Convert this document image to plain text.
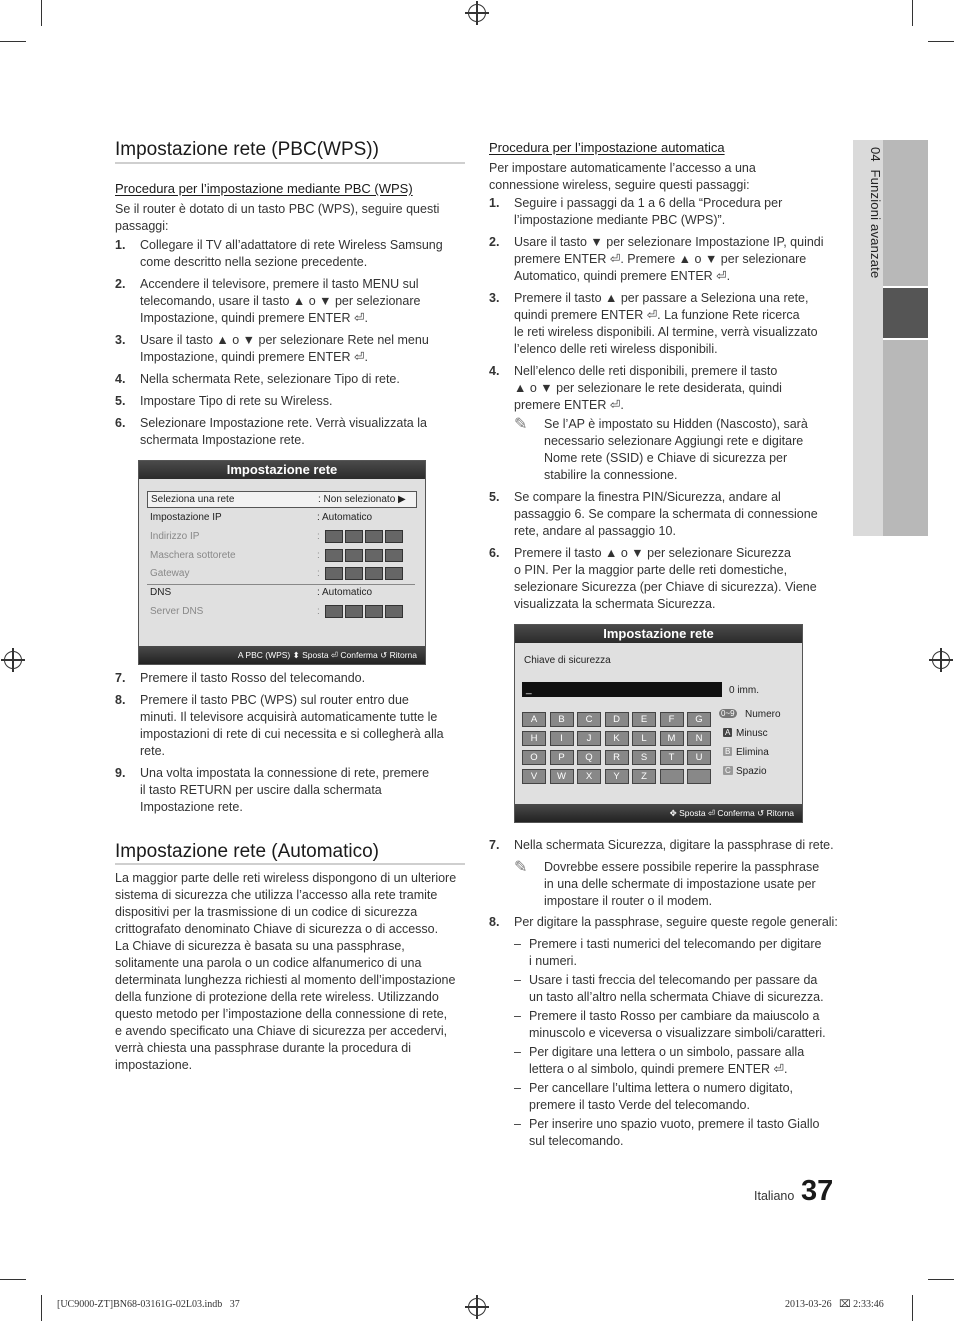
04  Funzioni avanzate
Impostazione rete (PBC(WPS))
Procedura per l’impostazione mediante PBC (WPS)
Se il router è dotato di un tasto PBC (WPS), seguire questi passaggi:
1.	Collegare il TV all’adattatore di rete Wireless Samsung
come descritto nella sezione precedente.
2.	Accendere il televisore, premere il tasto MENU sul
telecomando, usare il tasto ▲ o ▼ per selezionare
Impostazione, quindi premere ENTER ⏎.
3.	Usare il tasto ▲ o ▼ per selezionare Rete nel menu
Impostazione, quindi premere ENTER ⏎.
4.	Nella schermata Rete, selezionare Tipo di rete.
5.	Impostare Tipo di rete su Wireless.
6.	Selezionare Impostazione rete. Verrà visualizzata la
schermata Impostazione rete.
Impostazione rete
Seleziona una rete	: Non selezionato ▶
Impostazione IP	: Automatico
Indirizzo IP	:
Maschera sottorete	:
Gateway	:
DNS	: Automatico
Server DNS	:
A PBC (WPS) ⬍ Sposta ⏎ Conferma ↺ Ritorna
7.	Premere il tasto Rosso del telecomando.
8.	Premere il tasto PBC (WPS) sul router entro due
minuti. Il televisore acquisirà automaticamente tutte le
impostazioni di rete di cui necessita e si collegherà alla
rete.
9.	Una volta impostata la connessione di rete, premere
il tasto RETURN per uscire dalla schermata
Impostazione rete.
Impostazione rete (Automatico)
La maggior parte delle reti wireless dispongono di un ulteriore
sistema di sicurezza che utilizza l’accesso alla rete tramite
dispositivi per la trasmissione di un codice di sicurezza
crittografato denominato Chiave di sicurezza o di accesso.
La Chiave di sicurezza è basata su una passphrase,
solitamente una parola o un codice alfanumerico di una
determinata lunghezza richiesti al momento dell’impostazione
della funzione di protezione della rete wireless. Utilizzando
questo metodo per l’impostazione della connessione di rete,
e avendo specificato una Chiave di sicurezza per accedervi,
verrà chiesta una passphrase durante la procedura di
impostazione.
Procedura per l’impostazione automatica
Per impostare automaticamente l’accesso a una
connessione wireless, seguire questi passaggi:
1.	Seguire i passaggi da 1 a 6 della “Procedura per
l’impostazione mediante PBC (WPS)”.
2.	Usare il tasto ▼ per selezionare Impostazione IP, quindi
premere ENTER ⏎. Premere ▲ o ▼ per selezionare
Automatico, quindi premere ENTER ⏎.
3.	Premere il tasto ▲ per passare a Seleziona una rete,
quindi premere ENTER ⏎. La funzione Rete ricerca
le reti wireless disponibili. Al termine, verrà visualizzato
l’elenco delle reti wireless disponibili.
4.	Nell’elenco delle reti disponibili, premere il tasto
▲ o ▼ per selezionare le rete desiderata, quindi
premere ENTER ⏎.
✎	Se l’AP è impostato su Hidden (Nascosto), sarà
necessario selezionare Aggiungi rete e digitare
Nome rete (SSID) e Chiave di sicurezza per
stabilire la connessione.
5.	Se compare la finestra PIN/Sicurezza, andare al
passaggio 6. Se compare la schermata di connessione
rete, andare al passaggio 10.
6.	Premere il tasto ▲ o ▼ per selezionare Sicurezza
o PIN. Per la maggior parte delle reti domestiche,
selezionare Sicurezza (per Chiave di sicurezza). Viene
visualizzata la schermata Sicurezza.
Impostazione rete
Chiave di sicurezza
_	0 imm.
A	B	C	D	E	F	G
H	I	J	K	L	M	N
O	P	Q	R	S	T	U
V	W	X	Y	Z
0~9 Numero
A Minusc
B Elimina
C Spazio
✥ Sposta ⏎ Conferma ↺ Ritorna
7.	Nella schermata Sicurezza, digitare la passphrase di rete.
✎	Dovrebbe essere possibile reperire la passphrase
in una delle schermate di impostazione usate per
impostare il router o il modem.
8.	Per digitare la passphrase, seguire queste regole generali:
– Premere i tasti numerici del telecomando per digitare
i numeri.
– Usare i tasti freccia del telecomando per passare da
un tasto all’altro nella schermata Chiave di sicurezza.
– Premere il tasto Rosso per cambiare da maiuscolo a
minuscolo e viceversa o visualizzare simboli/caratteri.
– Per digitare una lettera o un simbolo, passare alla
lettera o al simbolo, quindi premere ENTER ⏎.
– Per cancellare l’ultima lettera o numero digitato,
premere il tasto Verde del telecomando.
– Per inserire uno spazio vuoto, premere il tasto Giallo
sul telecomando.
Italiano 37
[UC9000-ZT]BN68-03161G-02L03.indb   37	2013-03-26   ⌧ 2:33:46
